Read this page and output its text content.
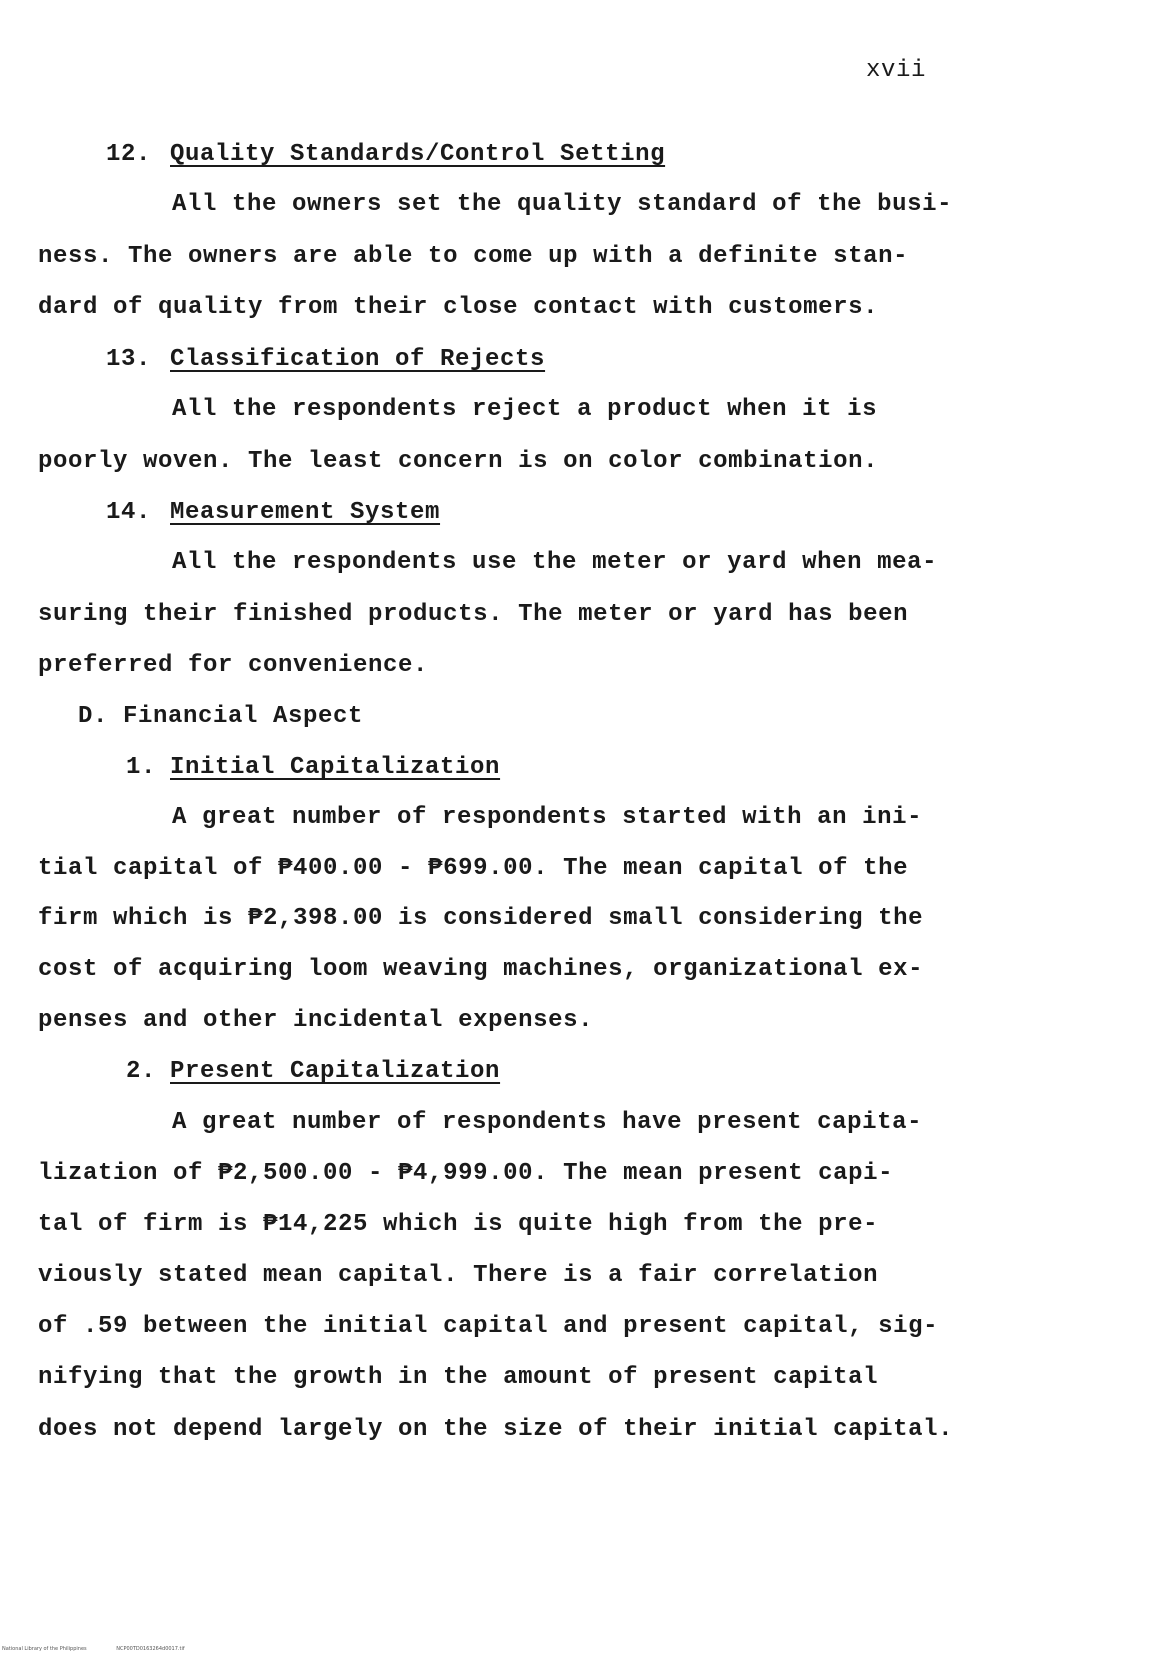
xvii
12. Quality Standards/Control Setting
All the owners set the quality standard of the busi-
ness. The owners are able to come up with a definite stan-
dard of quality from their close contact with customers.
13. Classification of Rejects
All the respondents reject a product when it is
poorly woven. The least concern is on color combination.
14. Measurement System
All the respondents use the meter or yard when mea-
suring their finished products. The meter or yard has been
preferred for convenience.
D. Financial Aspect
1. Initial Capitalization
A great number of respondents started with an ini-
tial capital of ₱400.00 - ₱699.00. The mean capital of the
firm which is ₱2,398.00 is considered small considering the
cost of acquiring loom weaving machines, organizational ex-
penses and other incidental expenses.
2. Present Capitalization
A great number of respondents have present capita-
lization of ₱2,500.00 - ₱4,999.00. The mean present capi-
tal of firm is ₱14,225 which is quite high from the pre-
viously stated mean capital. There is a fair correlation
of .59 between the initial capital and present capital, sig-
nifying that the growth in the amount of present capital
does not depend largely on the size of their initial capital.
National Library of the Philippines	NCP00TD0163264d0017.tif
